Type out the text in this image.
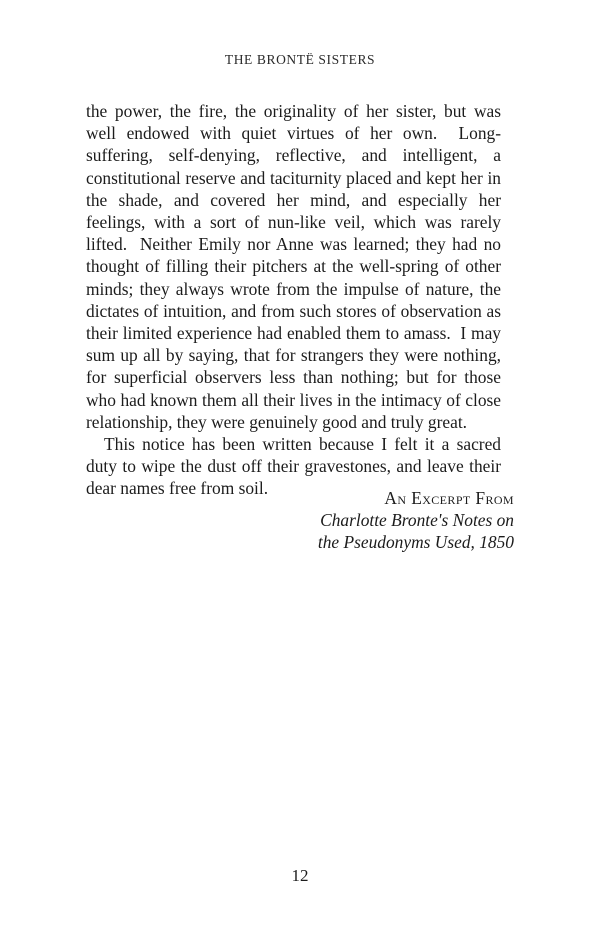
THE BRONTË SISTERS

the power, the fire, the originality of her sister, but was well endowed with quiet virtues of her own.  Long-suffering, self-denying, reflective, and intelligent, a constitutional reserve and taciturnity placed and kept her in the shade, and covered her mind, and especially her feelings, with a sort of nun-like veil, which was rarely lifted.  Neither Emily nor Anne was learned; they had no thought of filling their pitchers at the well-spring of other minds; they always wrote from the impulse of nature, the dictates of intuition, and from such stores of observation as their limited experience had enabled them to amass.  I may sum up all by saying, that for strangers they were nothing, for superficial observers less than nothing; but for those who had known them all their lives in the intimacy of close relationship, they were genuinely good and truly great.

This notice has been written because I felt it a sacred duty to wipe the dust off their gravestones, and leave their dear names free from soil.	An Excerpt From
Charlotte Bronte's Notes on
the Pseudonyms Used, 1850
12
